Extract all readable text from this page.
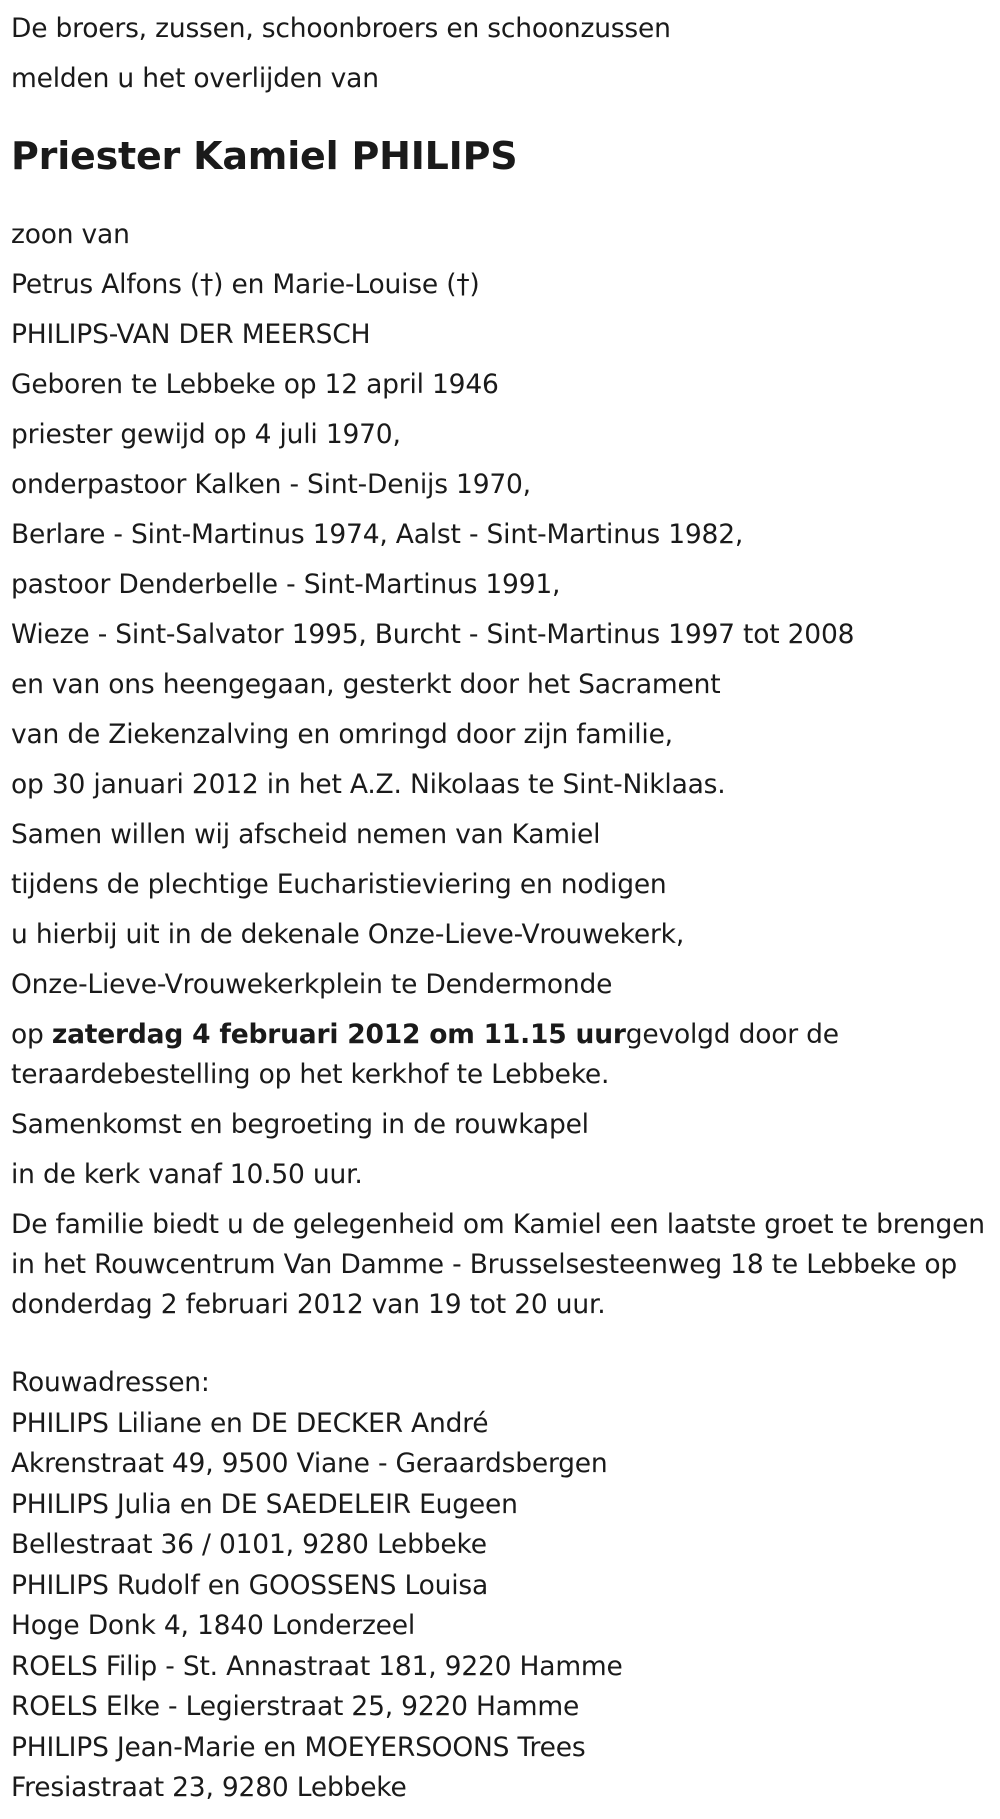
De broers, zussen, schoonbroers en schoonzussen
melden u het overlijden van
Priester Kamiel PHILIPS
zoon van
Petrus Alfons (†) en Marie-Louise (†)
PHILIPS-VAN DER MEERSCH
Geboren te Lebbeke op 12 april 1946
priester gewijd op 4 juli 1970,
onderpastoor Kalken - Sint-Denijs 1970,
Berlare - Sint-Martinus 1974, Aalst - Sint-Martinus 1982,
pastoor Denderbelle - Sint-Martinus 1991,
Wieze - Sint-Salvator 1995, Burcht - Sint-Martinus 1997 tot 2008
en van ons heengegaan, gesterkt door het Sacrament
van de Ziekenzalving en omringd door zijn familie,
op 30 januari 2012 in het A.Z. Nikolaas te Sint-Niklaas.
Samen willen wij afscheid nemen van Kamiel
tijdens de plechtige Eucharistieviering en nodigen
u hierbij uit in de dekenale Onze-Lieve-Vrouwekerk,
Onze-Lieve-Vrouwekerkplein te Dendermonde
op zaterdag 4 februari 2012 om 11.15 uurgevolgd door de teraardebestelling op het kerkhof te Lebbeke.
Samenkomst en begroeting in de rouwkapel
in de kerk vanaf 10.50 uur.
De familie biedt u de gelegenheid om Kamiel een laatste groet te brengen in het Rouwcentrum Van Damme - Brusselsesteenweg 18 te Lebbeke op donderdag 2 februari 2012 van 19 tot 20 uur.
Rouwadressen:
PHILIPS Liliane en DE DECKER André
Akrenstraat 49, 9500 Viane - Geraardsbergen
PHILIPS Julia en DE SAEDELEIR Eugeen
Bellestraat 36 / 0101, 9280 Lebbeke
PHILIPS Rudolf en GOOSSENS Louisa
Hoge Donk 4, 1840 Londerzeel
ROELS Filip - St. Annastraat 181, 9220 Hamme
ROELS Elke - Legierstraat 25, 9220 Hamme
PHILIPS Jean-Marie en MOEYERSOONS Trees
Fresiastraat 23, 9280 Lebbeke
